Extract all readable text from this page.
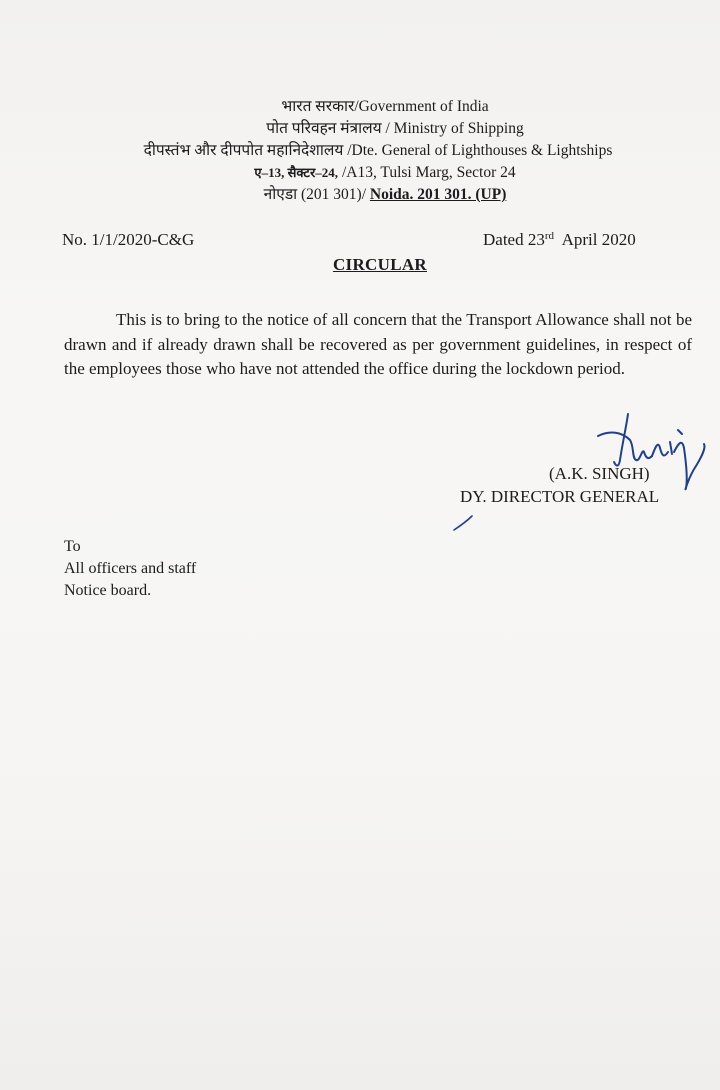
भारत सरकार/Government of India
पोत परिवहन मंत्रालय / Ministry of Shipping
दीपस्तंभ और दीपपोत महानिदेशालय /Dte. General of Lighthouses & Lightships
ए–13, सैक्टर–24, /A13, Tulsi Marg, Sector 24
नोएडा (201 301)/ Noida. 201 301. (UP)
No. 1/1/2020-C&G	Dated 23rd  April 2020
CIRCULAR
This is to bring to the notice of all concern that the Transport Allowance shall not be drawn and if already drawn shall be recovered as per government guidelines, in respect of the employees those who have not attended the office during the lockdown period.
(A.K. SINGH)
DY. DIRECTOR GENERAL
To
All officers and staff
Notice board.
